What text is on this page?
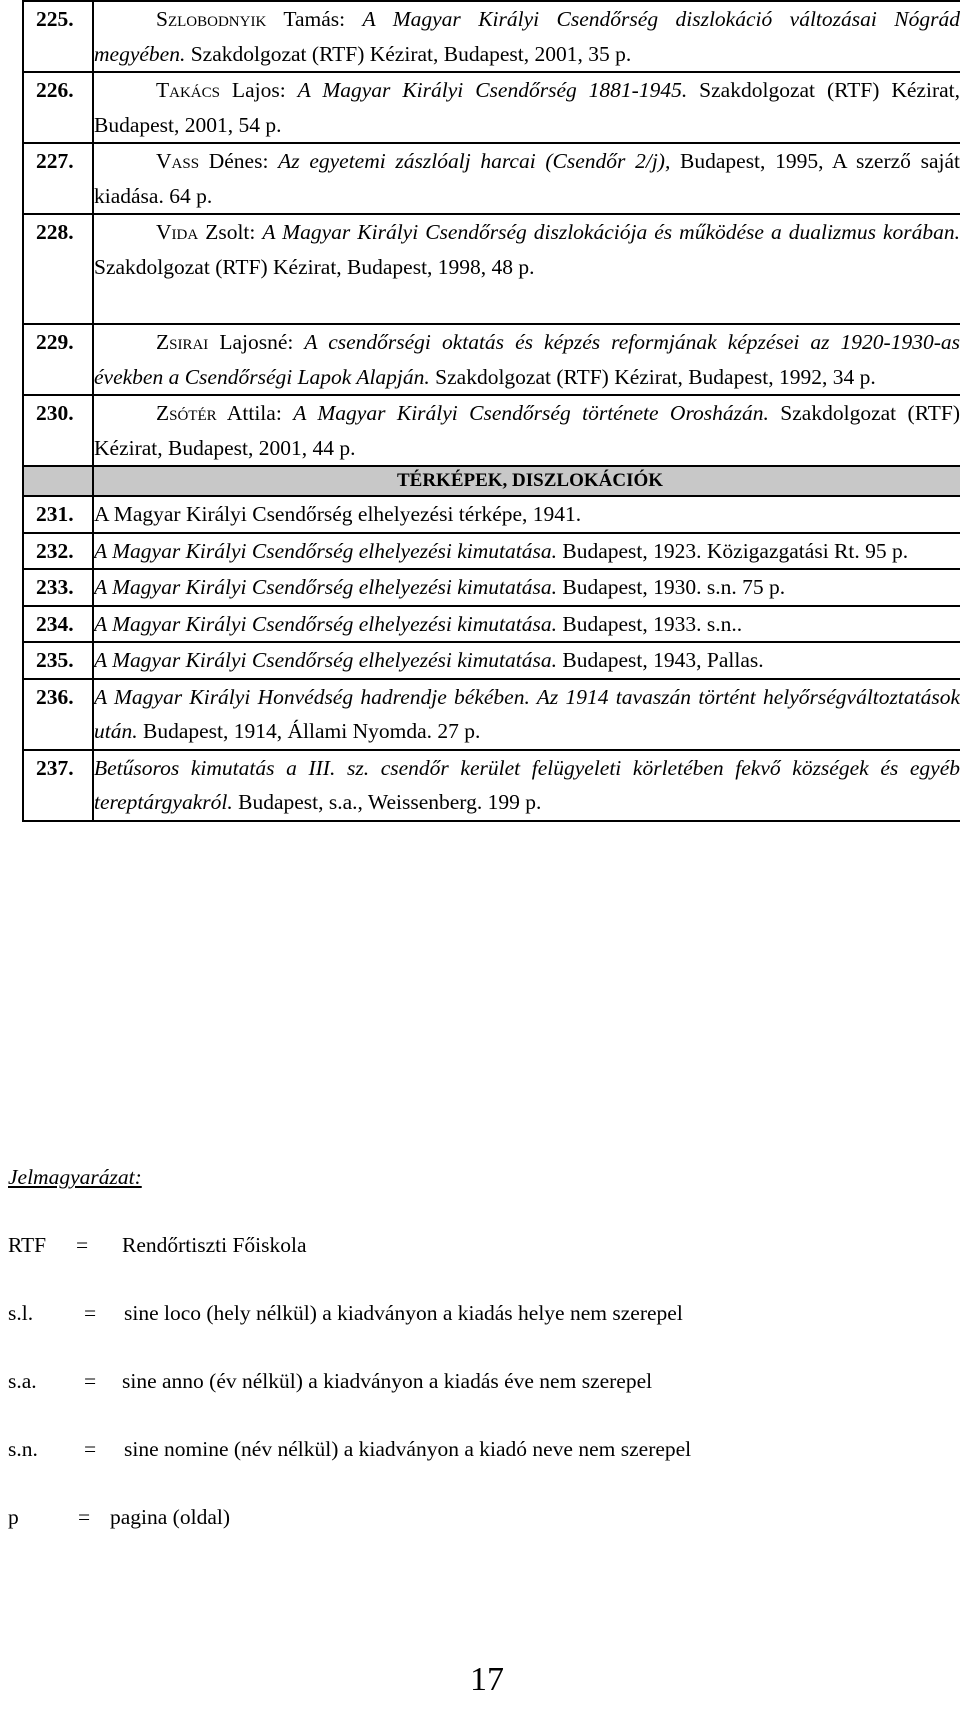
225.	Szlobodnyik Tamás: A Magyar Királyi Csendőrség diszlokáció változásai Nógrád megyében. Szakdolgozat (RTF) Kézirat, Budapest, 2001, 35 p.
226.	Takács Lajos: A Magyar Királyi Csendőrség 1881-1945. Szakdolgozat (RTF) Kézirat, Budapest, 2001, 54 p.
227.	Vass Dénes: Az egyetemi zászlóalj harcai (Csendőr 2/j), Budapest, 1995, A szerző saját kiadása. 64 p.
228.	Vida Zsolt: A Magyar Királyi Csendőrség diszlokációja és működése a dualizmus korában. Szakdolgozat (RTF) Kézirat, Budapest, 1998, 48 p.
229.	Zsirai Lajosné: A csendőrségi oktatás és képzés reformjának képzései az 1920-1930-as években a Csendőrségi Lapok Alapján. Szakdolgozat (RTF) Kézirat, Budapest, 1992, 34 p.
230.	Zsótér Attila: A Magyar Királyi Csendőrség története Orosházán. Szakdolgozat (RTF) Kézirat, Budapest, 2001, 44 p.
	TÉRKÉPEK, DISZLOKÁCIÓK
231.	A Magyar Királyi Csendőrség elhelyezési térképe, 1941.
232.	A Magyar Királyi Csendőrség elhelyezési kimutatása. Budapest, 1923. Közigazgatási Rt. 95 p.
233.	A Magyar Királyi Csendőrség elhelyezési kimutatása. Budapest, 1930. s.n. 75 p.
234.	A Magyar Királyi Csendőrség elhelyezési kimutatása. Budapest, 1933. s.n..
235.	A Magyar Királyi Csendőrség elhelyezési kimutatása. Budapest, 1943, Pallas.
236.	A Magyar Királyi Honvédség hadrendje békében. Az 1914 tavaszán történt helyőrségváltoztatások után. Budapest, 1914, Állami Nyomda. 27 p.
237.	Betűsoros kimutatás a III. sz. csendőr kerület felügyeleti körletében fekvő községek és egyéb tereptárgyakról. Budapest, s.a., Weissenberg. 199 p.
Jelmagyarázat:
RTF = Rendőrtiszti Főiskola
s.l. = sine loco (hely nélkül) a kiadványon a kiadás helye nem szerepel
s.a. = sine anno (év nélkül) a kiadványon a kiadás éve nem szerepel
s.n. = sine nomine (név nélkül) a kiadványon a kiadó neve nem szerepel
p	= pagina (oldal)
17
